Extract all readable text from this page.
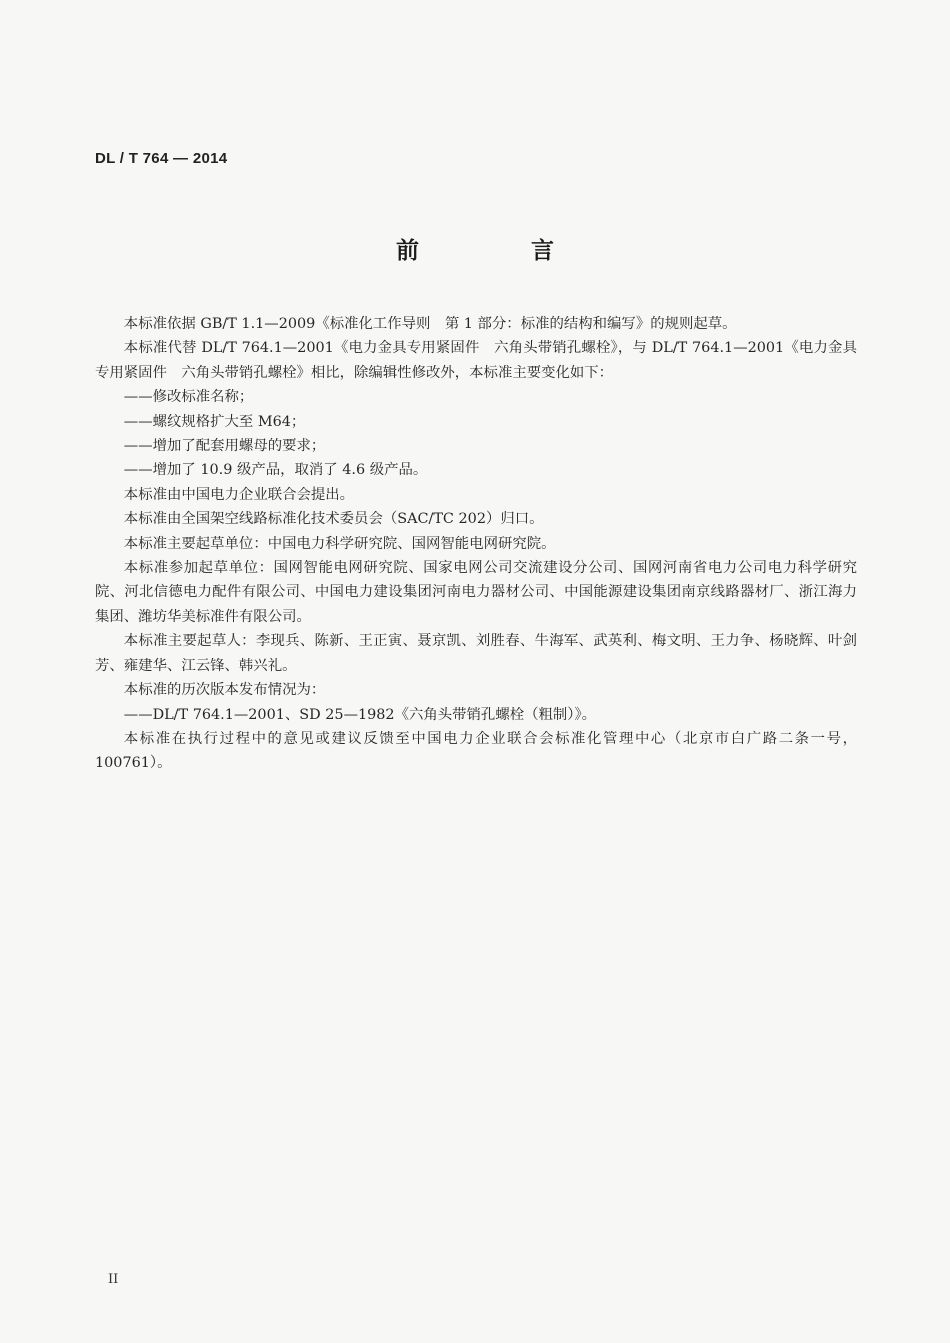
DL / T 764 — 2014
前 言

本标准依据 GB/T 1.1—2009《标准化工作导则　第 1 部分：标准的结构和编写》的规则起草。

本标准代替 DL/T 764.1—2001《电力金具专用紧固件　六角头带销孔螺栓》，与 DL/T 764.1—2001《电力金具专用紧固件　六角头带销孔螺栓》相比，除编辑性修改外，本标准主要变化如下：

——修改标准名称；

——螺纹规格扩大至 M64；

——增加了配套用螺母的要求；

——增加了 10.9 级产品，取消了 4.6 级产品。

本标准由中国电力企业联合会提出。

本标准由全国架空线路标准化技术委员会（SAC/TC 202）归口。

本标准主要起草单位：中国电力科学研究院、国网智能电网研究院。

本标准参加起草单位：国网智能电网研究院、国家电网公司交流建设分公司、国网河南省电力公司电力科学研究院、河北信德电力配件有限公司、中国电力建设集团河南电力器材公司、中国能源建设集团南京线路器材厂、浙江海力集团、潍坊华美标准件有限公司。

本标准主要起草人：李现兵、陈新、王正寅、聂京凯、刘胜春、牛海军、武英利、梅文明、王力争、杨晓辉、叶剑芳、雍建华、江云锋、韩兴礼。

本标准的历次版本发布情况为：

——DL/T 764.1—2001、SD 25—1982《六角头带销孔螺栓（粗制）》。

本标准在执行过程中的意见或建议反馈至中国电力企业联合会标准化管理中心（北京市白广路二条一号，100761）。

II
